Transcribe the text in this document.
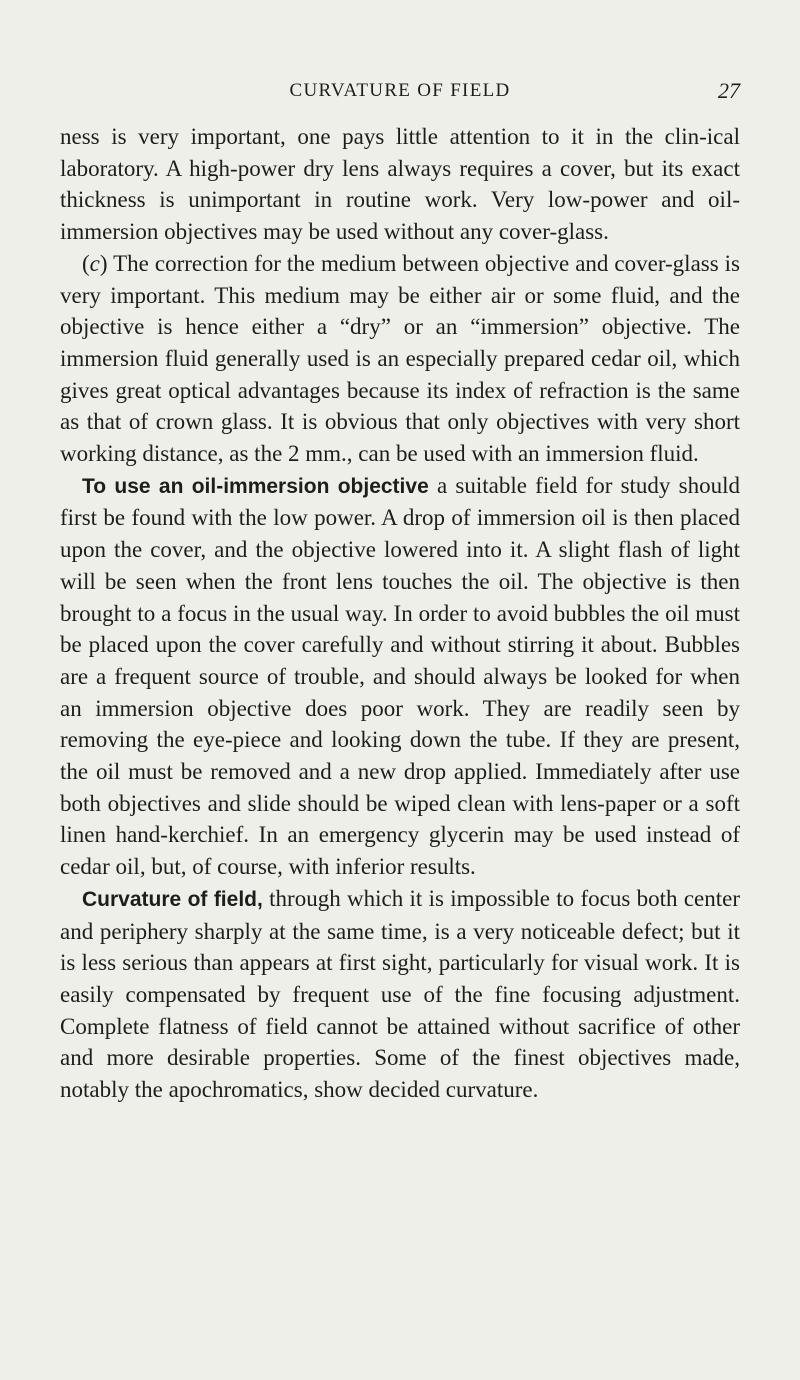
CURVATURE OF FIELD	27

ness is very important, one pays little attention to it in the clin-ical laboratory. A high-power dry lens always requires a cover, but its exact thickness is unimportant in routine work. Very low-power and oil-immersion objectives may be used without any cover-glass.

(c) The correction for the medium between objective and cover-glass is very important. This medium may be either air or some fluid, and the objective is hence either a “dry” or an “immersion” objective. The immersion fluid generally used is an especially prepared cedar oil, which gives great optical advantages because its index of refraction is the same as that of crown glass. It is obvious that only objectives with very short working distance, as the 2 mm., can be used with an immersion fluid.

To use an oil-immersion objective a suitable field for study should first be found with the low power. A drop of immersion oil is then placed upon the cover, and the objective lowered into it. A slight flash of light will be seen when the front lens touches the oil. The objective is then brought to a focus in the usual way. In order to avoid bubbles the oil must be placed upon the cover carefully and without stirring it about. Bubbles are a frequent source of trouble, and should always be looked for when an immersion objective does poor work. They are readily seen by removing the eye-piece and looking down the tube. If they are present, the oil must be removed and a new drop applied. Immediately after use both objectives and slide should be wiped clean with lens-paper or a soft linen hand-kerchief. In an emergency glycerin may be used instead of cedar oil, but, of course, with inferior results.

Curvature of field, through which it is impossible to focus both center and periphery sharply at the same time, is a very noticeable defect; but it is less serious than appears at first sight, particularly for visual work. It is easily compensated by frequent use of the fine focusing adjustment. Complete flatness of field cannot be attained without sacrifice of other and more desirable properties. Some of the finest objectives made, notably the apochromatics, show decided curvature.
